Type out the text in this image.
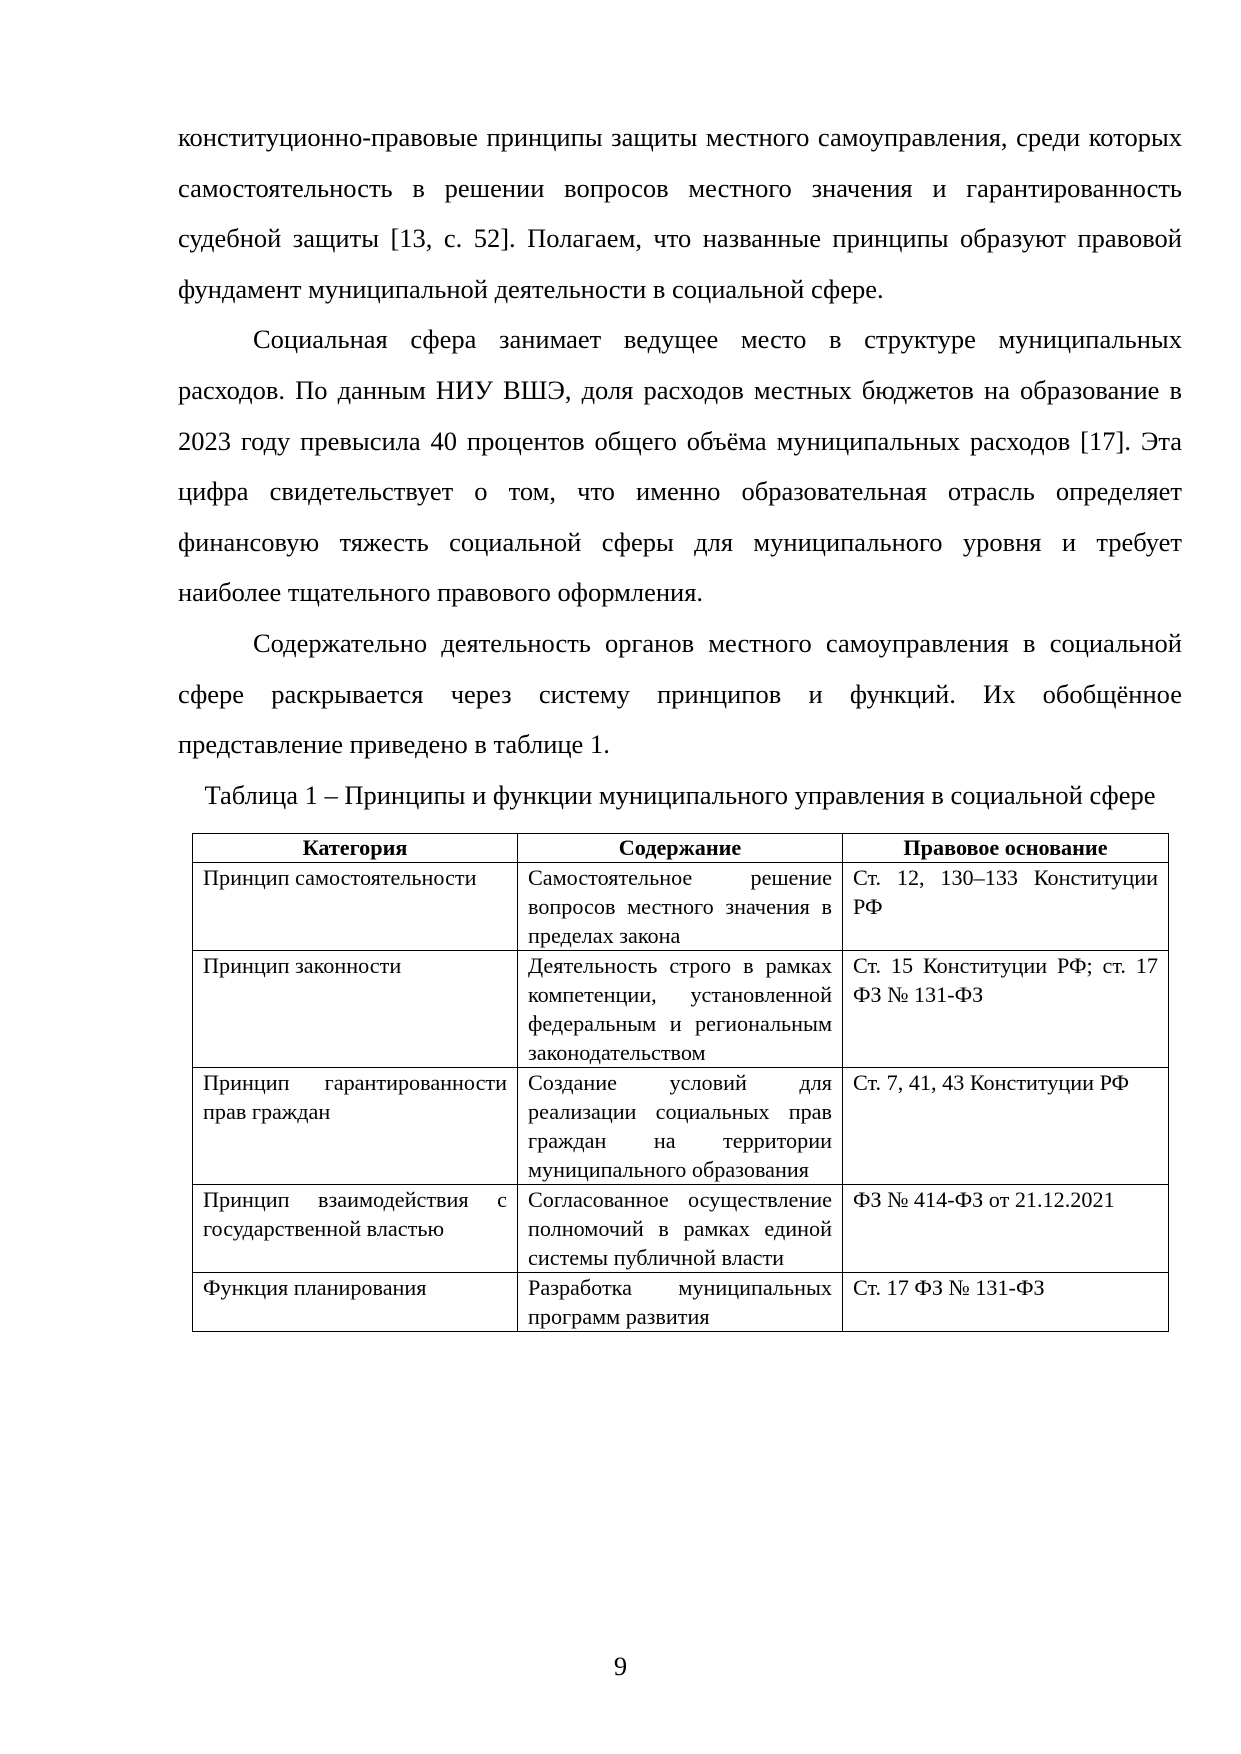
конституционно-правовые принципы защиты местного самоуправления, среди которых самостоятельность в решении вопросов местного значения и гарантированность судебной защиты [13, с. 52]. Полагаем, что названные принципы образуют правовой фундамент муниципальной деятельности в социальной сфере.

Социальная сфера занимает ведущее место в структуре муниципальных расходов. По данным НИУ ВШЭ, доля расходов местных бюджетов на образование в 2023 году превысила 40 процентов общего объёма муниципальных расходов [17]. Эта цифра свидетельствует о том, что именно образовательная отрасль определяет финансовую тяжесть социальной сферы для муниципального уровня и требует наиболее тщательного правового оформления.

Содержательно деятельность органов местного самоуправления в социальной сфере раскрывается через систему принципов и функций. Их обобщённое представление приведено в таблице 1.

Таблица 1 – Принципы и функции муниципального управления в социальной сфере

Категория	Содержание	Правовое основание
Принцип самостоятельности	Самостоятельное решение вопросов местного значения в пределах закона	Ст. 12, 130–133 Конституции РФ
Принцип законности	Деятельность строго в рамках компетенции, установленной федеральным и региональным законодательством	Ст. 15 Конституции РФ; ст. 17 ФЗ № 131-ФЗ
Принцип гарантированности прав граждан	Создание условий для реализации социальных прав граждан на территории муниципального образования	Ст. 7, 41, 43 Конституции РФ
Принцип взаимодействия с государственной властью	Согласованное осуществление полномочий в рамках единой системы публичной власти	ФЗ № 414-ФЗ от 21.12.2021
Функция планирования	Разработка муниципальных программ развития	Ст. 17 ФЗ № 131-ФЗ
9
